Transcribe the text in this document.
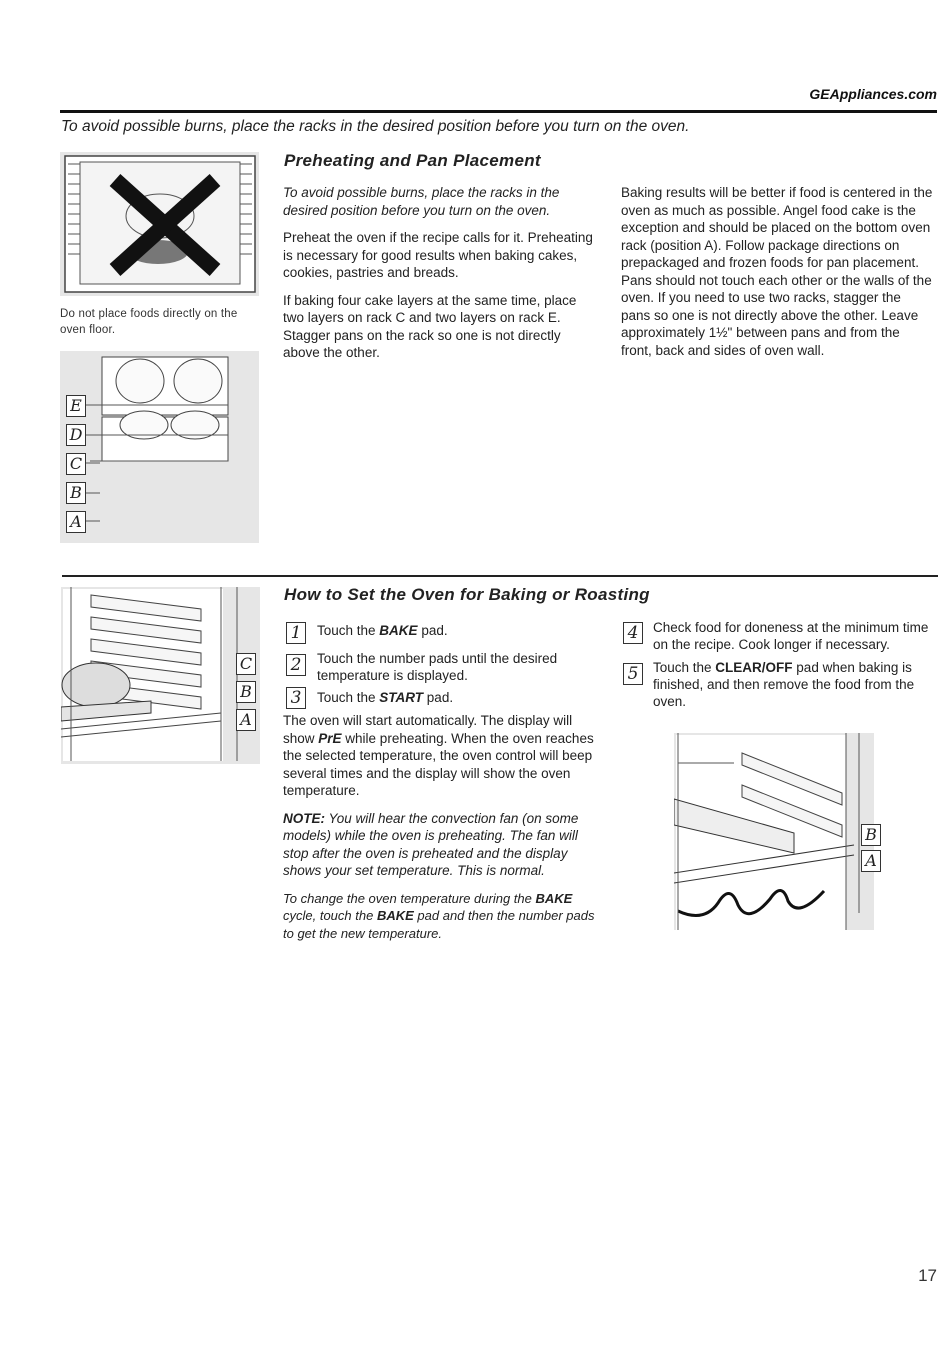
GEAppliances.com
To avoid possible burns, place the racks in the desired position before you turn on the oven.
Do not place foods directly on the oven floor.
E
D
C
B
A
Preheating and Pan Placement

To avoid possible burns, place the racks in the desired position before you turn on the oven.

Preheat the oven if the recipe calls for it. Preheating is necessary for good results when baking cakes, cookies, pastries and breads.

If baking four cake layers at the same time, place two layers on rack C and two layers on rack E. Stagger pans on the rack so one is not directly above the other.

Baking results will be better if food is centered in the oven as much as possible. Angel food cake is the exception and should be placed on the bottom oven rack (position A). Follow package directions on prepackaged and frozen foods for pan placement. Pans should not touch each other or the walls of the oven. If you need to use two racks, stagger the pans so one is not directly above the other. Leave approximately 1½" between pans and from the front, back and sides of oven wall.

C
B
A
How to Set the Oven for Baking or Roasting
1	Touch the BAKE pad.
2	Touch the number pads until the desired temperature is displayed.
3	Touch the START pad.

The oven will start automatically. The display will show PrE while preheating. When the oven reaches the selected temperature, the oven control will beep several times and the display will show the oven temperature.

NOTE: You will hear the convection fan (on some models) while the oven is preheating. The fan will stop after the oven is preheated and the display shows your set temperature. This is normal.

To change the oven temperature during the BAKE cycle, touch the BAKE pad and then the number pads to get the new temperature.

4	Check food for doneness at the minimum time on the recipe. Cook longer if necessary.
5	Touch the CLEAR/OFF pad when baking is finished, and then remove the food from the oven.
B
A
17
